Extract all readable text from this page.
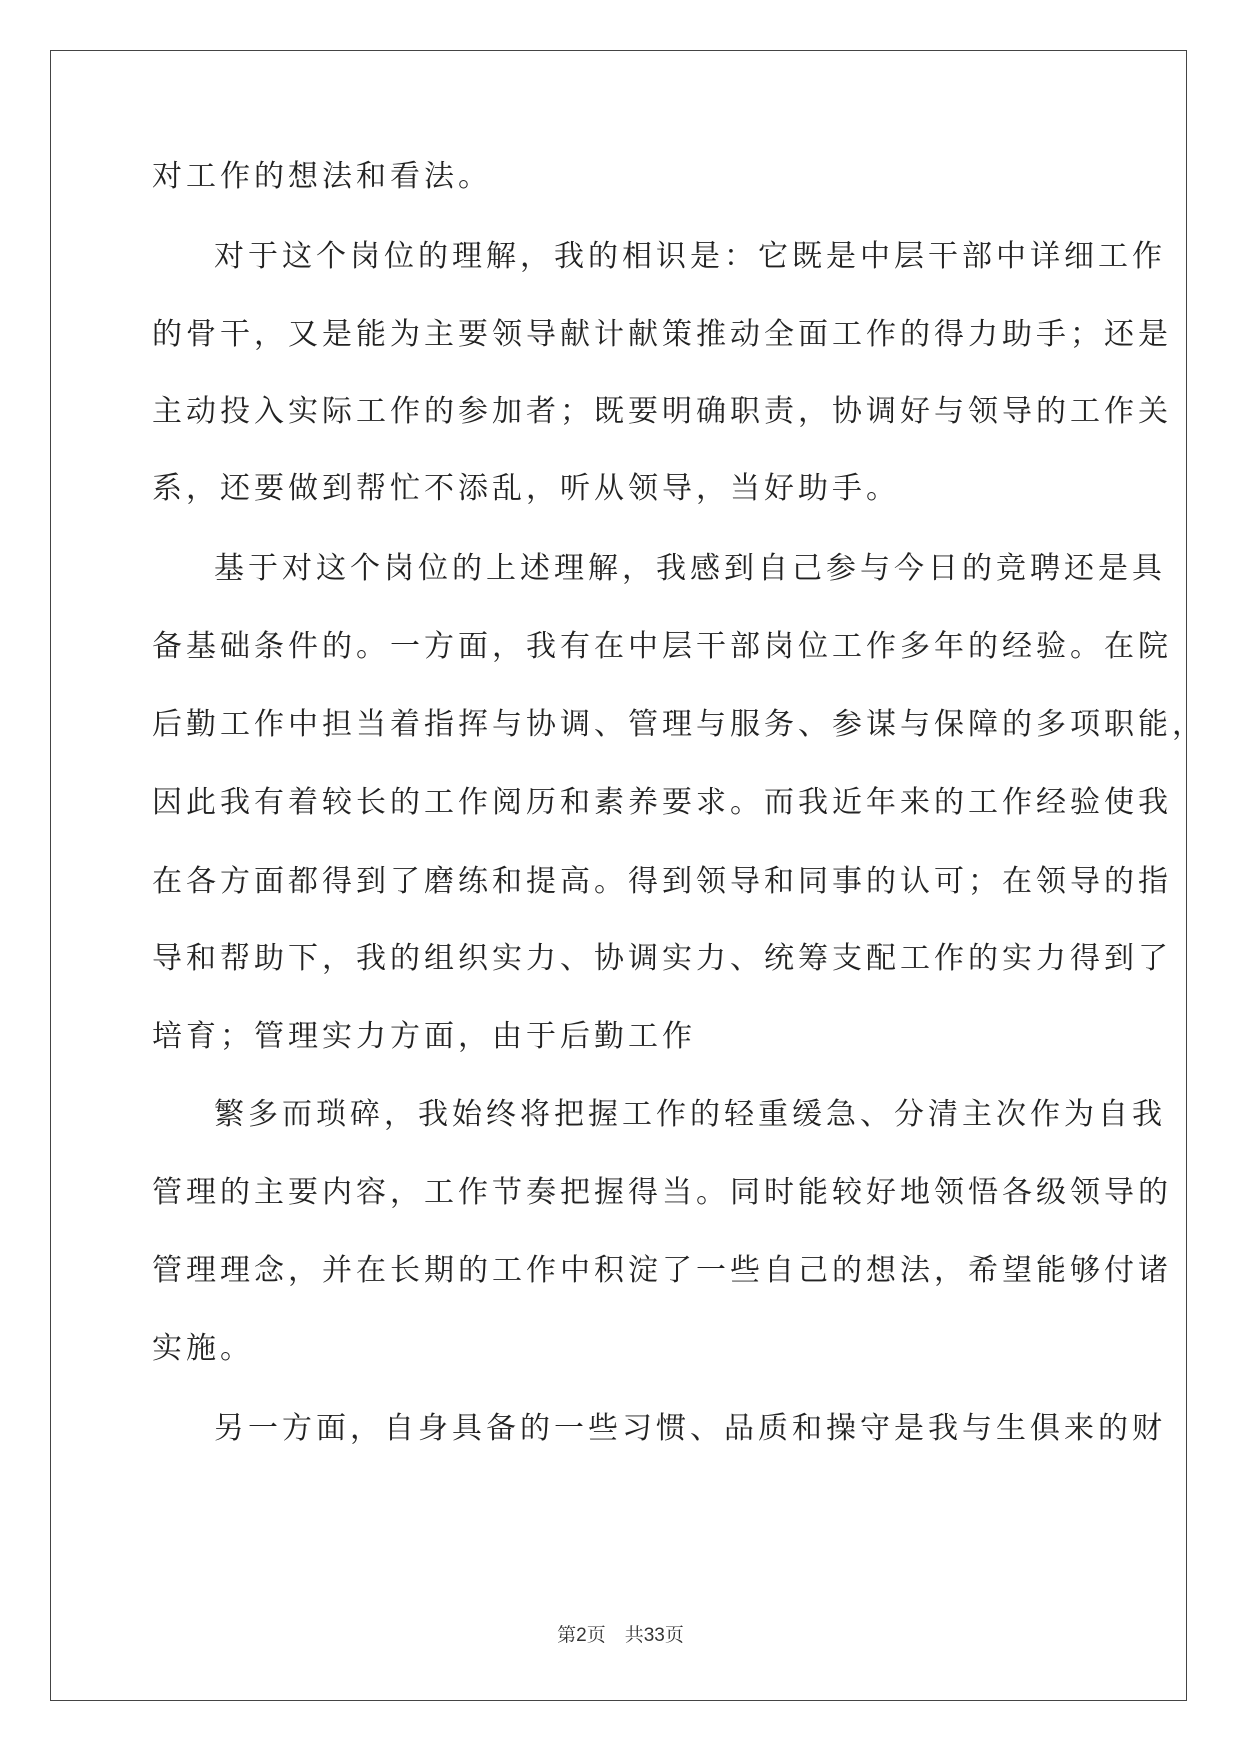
对工作的想法和看法。

对于这个岗位的理解，我的相识是：它既是中层干部中详细工作

的骨干，又是能为主要领导献计献策推动全面工作的得力助手；还是

主动投入实际工作的参加者；既要明确职责，协调好与领导的工作关

系，还要做到帮忙不添乱，听从领导，当好助手。

基于对这个岗位的上述理解，我感到自己参与今日的竞聘还是具

备基础条件的。一方面，我有在中层干部岗位工作多年的经验。在院

后勤工作中担当着指挥与协调、管理与服务、参谋与保障的多项职能，

因此我有着较长的工作阅历和素养要求。而我近年来的工作经验使我

在各方面都得到了磨练和提高。得到领导和同事的认可；在领导的指

导和帮助下，我的组织实力、协调实力、统筹支配工作的实力得到了

培育；管理实力方面，由于后勤工作

繁多而琐碎，我始终将把握工作的轻重缓急、分清主次作为自我

管理的主要内容，工作节奏把握得当。同时能较好地领悟各级领导的

管理理念，并在长期的工作中积淀了一些自己的想法，希望能够付诸

实施。

另一方面，自身具备的一些习惯、品质和操守是我与生俱来的财

第2页 共33页
